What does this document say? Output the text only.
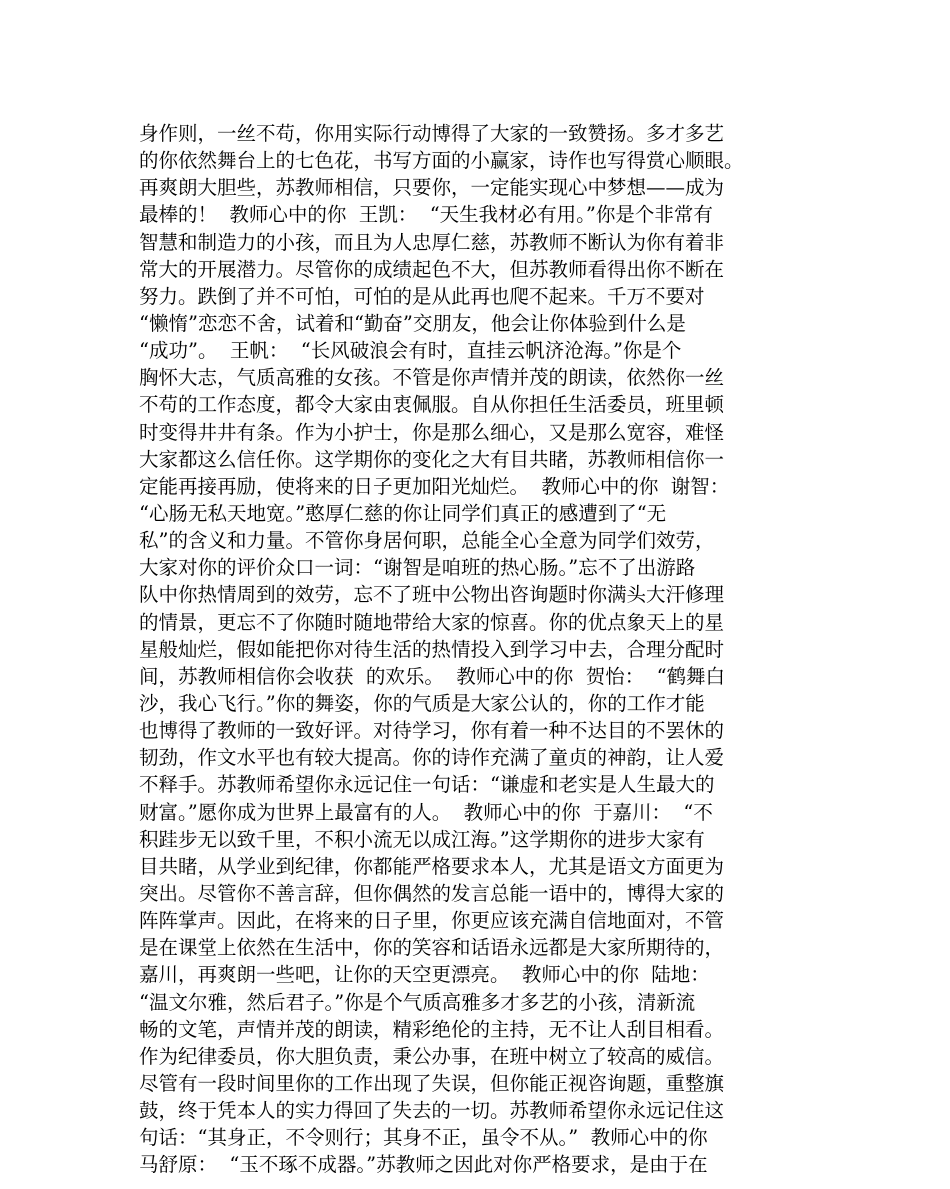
身作则，一丝不苟，你用实际行动博得了大家的一致赞扬。多才多艺
的你依然舞台上的七色花，书写方面的小赢家，诗作也写得赏心顺眼。
再爽朗大胆些，苏教师相信，只要你，一定能实现心中梦想——成为
最棒的！  教师心中的你  王凯：  “天生我材必有用。”你是个非常有
智慧和制造力的小孩，而且为人忠厚仁慈，苏教师不断认为你有着非
常大的开展潜力。尽管你的成绩起色不大，但苏教师看得出你不断在
努力。跌倒了并不可怕，可怕的是从此再也爬不起来。千万不要对
“懒惰”恋恋不舍，试着和“勤奋”交朋友，他会让你体验到什么是
“成功”。  王帆：  “长风破浪会有时，直挂云帆济沧海。”你是个
胸怀大志，气质高雅的女孩。不管是你声情并茂的朗读，依然你一丝
不苟的工作态度，都令大家由衷佩服。自从你担任生活委员，班里顿
时变得井井有条。作为小护士，你是那么细心，又是那么宽容，难怪
大家都这么信任你。这学期你的变化之大有目共睹，苏教师相信你一
定能再接再励，使将来的日子更加阳光灿烂。  教师心中的你  谢智：
“心肠无私天地宽。”憨厚仁慈的你让同学们真正的感遭到了“无
私”的含义和力量。不管你身居何职，总能全心全意为同学们效劳，
大家对你的评价众口一词：“谢智是咱班的热心肠。”忘不了出游路
队中你热情周到的效劳，忘不了班中公物出咨询题时你满头大汗修理
的情景，更忘不了你随时随地带给大家的惊喜。你的优点象天上的星
星般灿烂，假如能把你对待生活的热情投入到学习中去，合理分配时
间，苏教师相信你会收获  的欢乐。  教师心中的你  贺怡：  “鹤舞白
沙，我心飞行。”你的舞姿，你的气质是大家公认的，你的工作才能
也博得了教师的一致好评。对待学习，你有着一种不达目的不罢休的
韧劲，作文水平也有较大提高。你的诗作充满了童贞的神韵，让人爱
不释手。苏教师希望你永远记住一句话：“谦虚和老实是人生最大的
财富。”愿你成为世界上最富有的人。  教师心中的你  于嘉川：  “不
积跬步无以致千里，不积小流无以成江海。”这学期你的进步大家有
目共睹，从学业到纪律，你都能严格要求本人，尤其是语文方面更为
突出。尽管你不善言辞，但你偶然的发言总能一语中的，博得大家的
阵阵掌声。因此，在将来的日子里，你更应该充满自信地面对，不管
是在课堂上依然在生活中，你的笑容和话语永远都是大家所期待的，
嘉川，再爽朗一些吧，让你的天空更漂亮。  教师心中的你  陆地：
“温文尔雅，然后君子。”你是个气质高雅多才多艺的小孩，清新流
畅的文笔，声情并茂的朗读，精彩绝伦的主持，无不让人刮目相看。
作为纪律委员，你大胆负责，秉公办事，在班中树立了较高的威信。
尽管有一段时间里你的工作出现了失误，但你能正视咨询题，重整旗
鼓，终于凭本人的实力得回了失去的一切。苏教师希望你永远记住这
句话：“其身正，不令则行；其身不正，虽令不从。”  教师心中的你
马舒原：  “玉不琢不成器。”苏教师之因此对你严格要求，是由于在
